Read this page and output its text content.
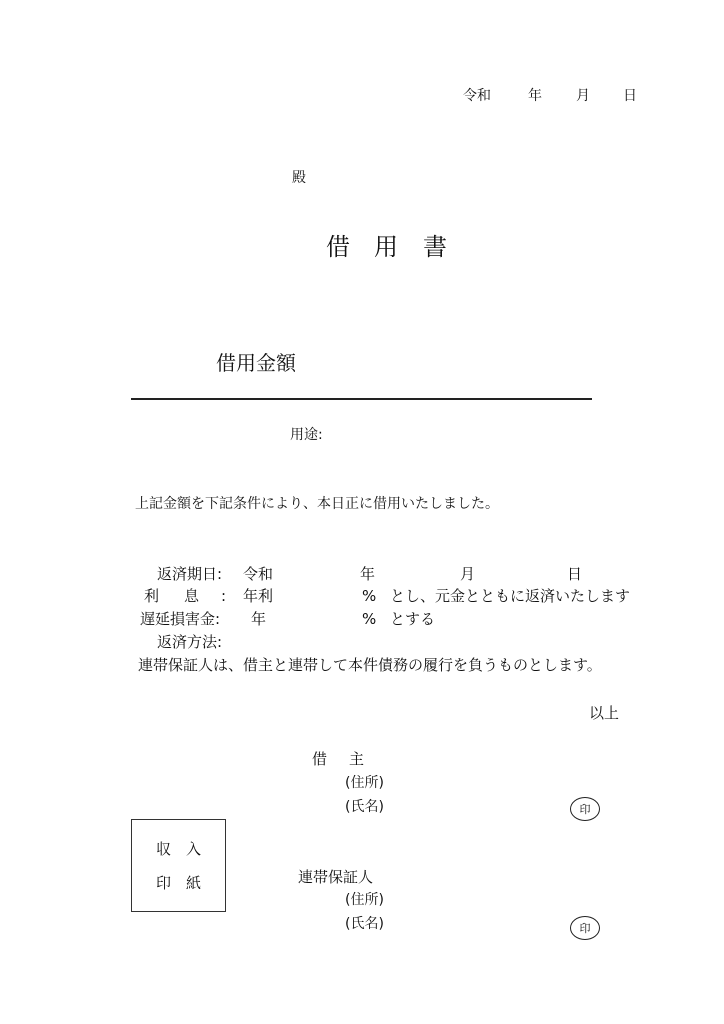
令和	年 月 日
殿
借 用 書
借用金額
用途:
上記金額を下記条件により、本日正に借用いたしました。
返済期日: 令和	年	月	日
利 息 : 年利	% とし、元金とともに返済いたします
遅延損害金: 年	% とする
返済方法:
連帯保証人は、借主と連帯して本件債務の履行を負うものとします。
以上
借 主
(住所)
(氏名)	印
収 入
印 紙	連帯保証人
(住所)
(氏名)	印
